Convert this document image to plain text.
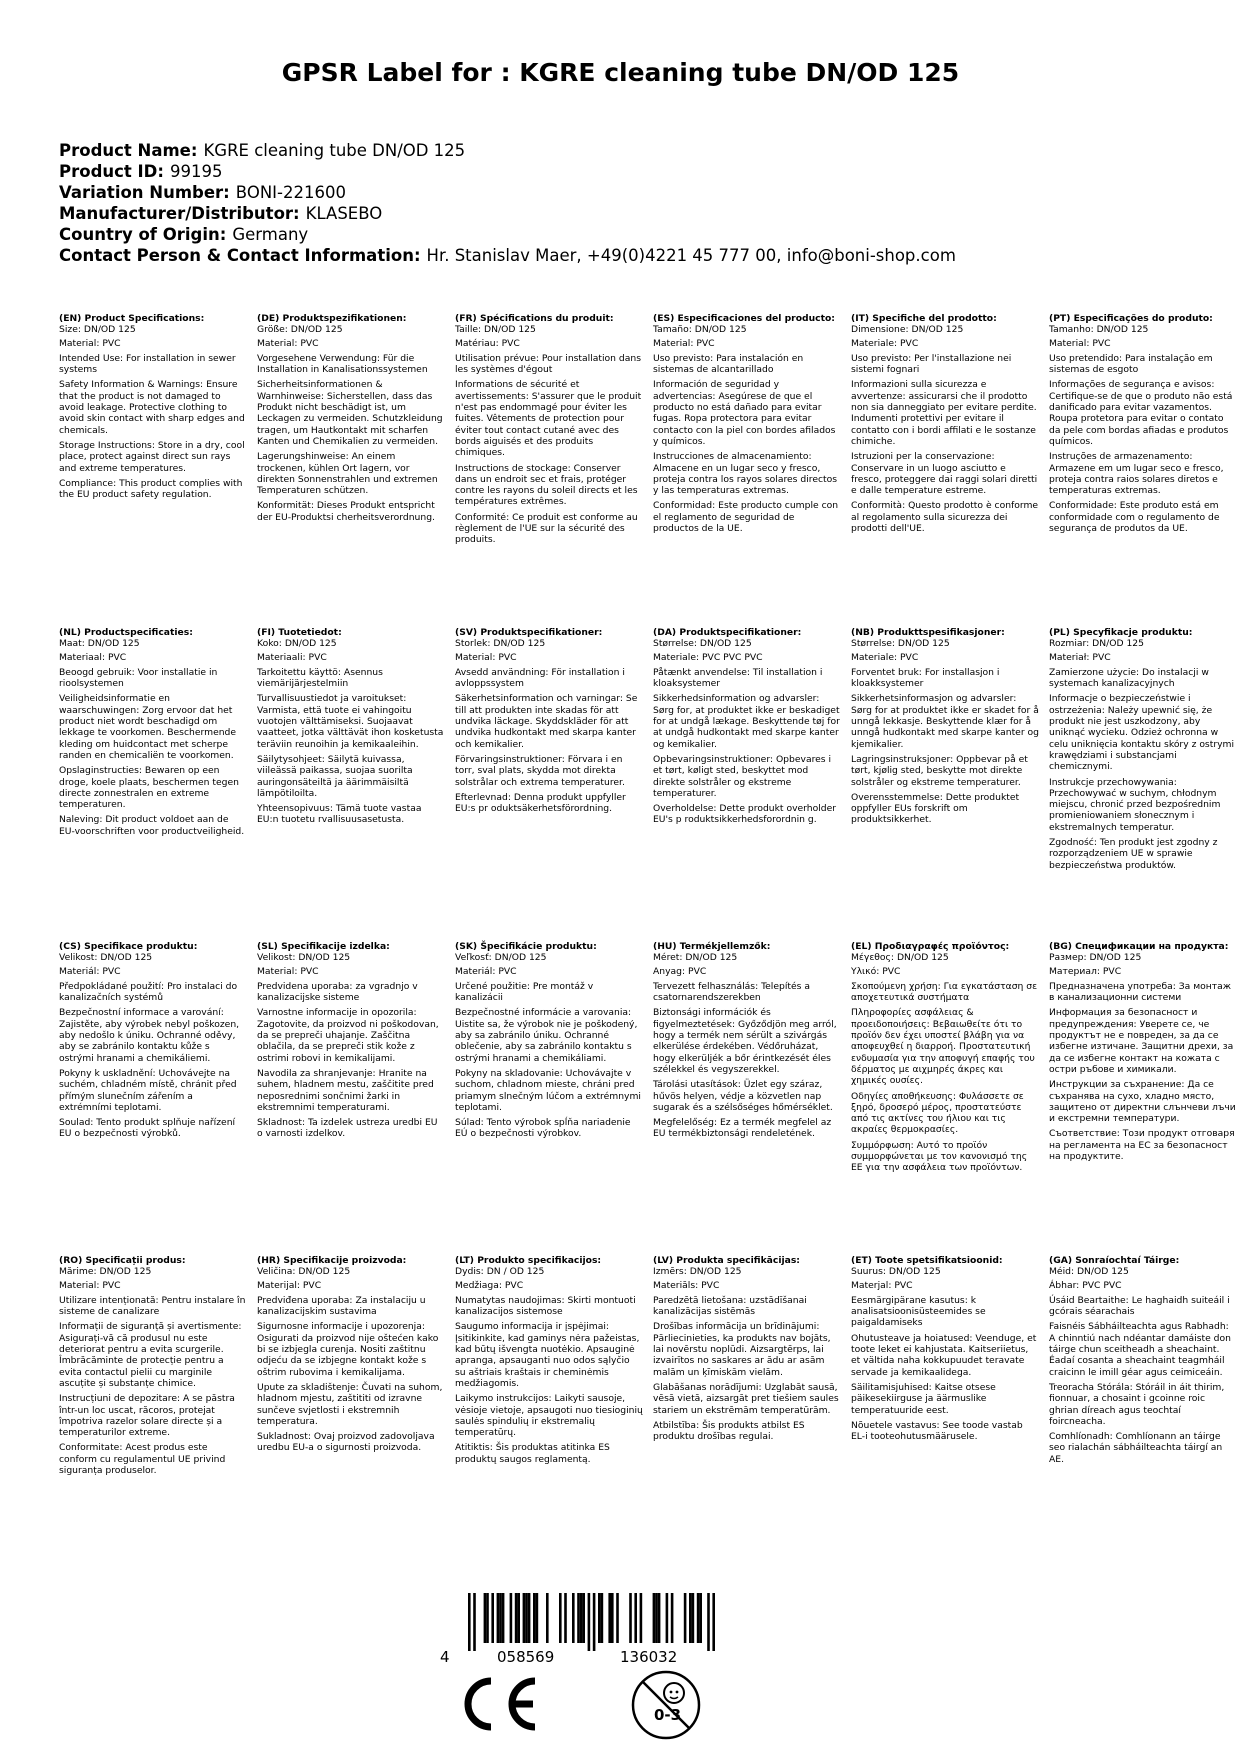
GPSR Label for : KGRE cleaning tube DN/OD 125
Product Name: KGRE cleaning tube DN/OD 125
Product ID: 99195
Variation Number: BONI-221600
Manufacturer/Distributor: KLASEBO
Country of Origin: Germany
Contact Person & Contact Information: Hr. Stanislav Maer, +49(0)4221 45 777 00, info@boni-shop.com
(EN) Product Specifications:
Size: DN/OD 125
Material: PVC
Intended Use: For installation in sewer systems
Safety Information & Warnings: Ensure that the product is not damaged to avoid leakage. Protective clothing to avoid skin contact with sharp edges and chemicals.
Storage Instructions: Store in a dry, cool place, protect against direct sun rays and extreme temperatures.
Compliance: This product complies with the EU product safety regulation.
(DE) Produktspezifikationen:
Größe: DN/OD 125
Material: PVC
Vorgesehene Verwendung: Für die Installation in Kanalisationssystemen
Sicherheitsinformationen & Warnhinweise: Sicherstellen, dass das Produkt nicht beschädigt ist, um Leckagen zu vermeiden. Schutzkleidung tragen, um Hautkontakt mit scharfen Kanten und Chemikalien zu vermeiden.
Lagerungshinweise: An einem trockenen, kühlen Ort lagern, vor direkten Sonnenstrahlen und extremen Temperaturen schützen.
Konformität: Dieses Produkt entspricht der EU-Produktsi cherheitsverordnung.
(FR) Spécifications du produit:
Taille: DN/OD 125
Matériau: PVC
Utilisation prévue: Pour installation dans les systèmes d'égout
Informations de sécurité et avertissements: S'assurer que le produit n'est pas endommagé pour éviter les fuites. Vêtements de protection pour éviter tout contact cutané avec des bords aiguisés et des produits chimiques.
Instructions de stockage: Conserver dans un endroit sec et frais, protéger contre les rayons du soleil directs et les températures extrêmes.
Conformité: Ce produit est conforme au règlement de l'UE sur la sécurité des produits.
(ES) Especificaciones del producto:
Tamaño: DN/OD 125
Material: PVC
Uso previsto: Para instalación en sistemas de alcantarillado
Información de seguridad y advertencias: Asegúrese de que el producto no está dañado para evitar fugas. Ropa protectora para evitar contacto con la piel con bordes afilados y químicos.
Instrucciones de almacenamiento: Almacene en un lugar seco y fresco, proteja contra los rayos solares directos y las temperaturas extremas.
Conformidad: Este producto cumple con el reglamento de seguridad de productos de la UE.
(IT) Specifiche del prodotto:
Dimensione: DN/OD 125
Materiale: PVC
Uso previsto: Per l'installazione nei sistemi fognari
Informazioni sulla sicurezza e avvertenze: assicurarsi che il prodotto non sia danneggiato per evitare perdite. Indumenti protettivi per evitare il contatto con i bordi affilati e le sostanze chimiche.
Istruzioni per la conservazione: Conservare in un luogo asciutto e fresco, proteggere dai raggi solari diretti e dalle temperature estreme.
Conformità: Questo prodotto è conforme al regolamento sulla sicurezza dei prodotti dell'UE.
(PT) Especificações do produto:
Tamanho: DN/OD 125
Material: PVC
Uso pretendido: Para instalação em sistemas de esgoto
Informações de segurança e avisos: Certifique-se de que o produto não está danificado para evitar vazamentos. Roupa protetora para evitar o contato da pele com bordas afiadas e produtos químicos.
Instruções de armazenamento: Armazene em um lugar seco e fresco, proteja contra raios solares diretos e temperaturas extremas.
Conformidade: Este produto está em conformidade com o regulamento de segurança de produtos da UE.
(NL) Productspecificaties:
Maat: DN/OD 125
Materiaal: PVC
Beoogd gebruik: Voor installatie in rioolsystemen
Veiligheidsinformatie en waarschuwingen: Zorg ervoor dat het product niet wordt beschadigd om lekkage te voorkomen. Beschermende kleding om huidcontact met scherpe randen en chemicaliën te voorkomen.
Opslaginstructies: Bewaren op een droge, koele plaats, beschermen tegen directe zonnestralen en extreme temperaturen.
Naleving: Dit product voldoet aan de EU-voorschriften voor productveiligheid.
(FI) Tuotetiedot:
Koko: DN/OD 125
Materiaali: PVC
Tarkoitettu käyttö: Asennus viemärijärjestelmiin
Turvallisuustiedot ja varoitukset: Varmista, että tuote ei vahingoitu vuotojen välttämiseksi. Suojaavat vaatteet, jotka välttävät ihon kosketusta teräviin reunoihin ja kemikaaleihin.
Säilytysohjeet: Säilytä kuivassa, viileässä paikassa, suojaa suorilta auringonsäteiltä ja äärimmäisiltä lämpötiloilta.
Yhteensopivuus: Tämä tuote vastaa EU:n tuotetu rvallisuusasetusta.
(SV) Produktspecifikationer:
Storlek: DN/OD 125
Material: PVC
Avsedd användning: För installation i avloppssystem
Säkerhetsinformation och varningar: Se till att produkten inte skadas för att undvika läckage. Skyddskläder för att undvika hudkontakt med skarpa kanter och kemikalier.
Förvaringsinstruktioner: Förvara i en torr, sval plats, skydda mot direkta solstrålar och extrema temperaturer.
Efterlevnad: Denna produkt uppfyller EU:s pr oduktsäkerhetsförordning.
(DA) Produktspecifikationer:
Størrelse: DN/OD 125
Materiale: PVC PVC PVC
Påtænkt anvendelse: Til installation i kloaksystemer
Sikkerhedsinformation og advarsler: Sørg for, at produktet ikke er beskadiget for at undgå lækage. Beskyttende tøj for at undgå hudkontakt med skarpe kanter og kemikalier.
Opbevaringsinstruktioner: Opbevares i et tørt, køligt sted, beskyttet mod direkte solstråler og ekstreme temperaturer.
Overholdelse: Dette produkt overholder EU's p roduktsikkerhedsforordnin g.
(NB) Produkttspesifikasjoner:
Størrelse: DN/OD 125
Materiale: PVC
Forventet bruk: For installasjon i kloakksystemer
Sikkerhetsinformasjon og advarsler: Sørg for at produktet ikke er skadet for å unngå lekkasje. Beskyttende klær for å unngå hudkontakt med skarpe kanter og kjemikalier.
Lagringsinstruksjoner: Oppbevar på et tørt, kjølig sted, beskytte mot direkte solstråler og ekstreme temperaturer.
Overensstemmelse: Dette produktet oppfyller EUs forskrift om produktsikkerhet.
(PL) Specyfikacje produktu:
Rozmiar: DN/OD 125
Materiał: PVC
Zamierzone użycie: Do instalacji w systemach kanalizacyjnych
Informacje o bezpieczeństwie i ostrzeżenia: Należy upewnić się, że produkt nie jest uszkodzony, aby uniknąć wycieku. Odzież ochronna w celu uniknięcia kontaktu skóry z ostrymi krawędziami i substancjami chemicznymi.
Instrukcje przechowywania: Przechowywać w suchym, chłodnym miejscu, chronić przed bezpośrednim promieniowaniem słonecznym i ekstremalnych temperatur.
Zgodność: Ten produkt jest zgodny z rozporządzeniem UE w sprawie bezpieczeństwa produktów.
(CS) Specifikace produktu:
Velikost: DN/OD 125
Materiál: PVC
Předpokládané použití: Pro instalaci do kanalizačních systémů
Bezpečnostní informace a varování: Zajistěte, aby výrobek nebyl poškozen, aby nedošlo k úniku. Ochranné oděvy, aby se zabránilo kontaktu kůže s ostrými hranami a chemikáliemi.
Pokyny k uskladnění: Uchovávejte na suchém, chladném místě, chránit před přímým slunečním zářením a extrémními teplotami.
Soulad: Tento produkt splňuje nařízení EU o bezpečnosti výrobků.
(SL) Specifikacije izdelka:
Velikost: DN/OD 125
Material: PVC
Predvidena uporaba: za vgradnjo v kanalizacijske sisteme
Varnostne informacije in opozorila: Zagotovite, da proizvod ni poškodovan, da se prepreči uhajanje. Zaščitna oblačila, da se prepreči stik kože z ostrimi robovi in kemikalijami.
Navodila za shranjevanje: Hranite na suhem, hladnem mestu, zaščitite pred neposrednimi sončnimi žarki in ekstremnimi temperaturami.
Skladnost: Ta izdelek ustreza uredbi EU o varnosti izdelkov.
(SK) Špecifikácie produktu:
Veľkosť: DN/OD 125
Materiál: PVC
Určené použitie: Pre montáž v kanalizácii
Bezpečnostné informácie a varovania: Uistite sa, že výrobok nie je poškodený, aby sa zabránilo úniku. Ochranné oblečenie, aby sa zabránilo kontaktu s ostrými hranami a chemikáliami.
Pokyny na skladovanie: Uchovávajte v suchom, chladnom mieste, chráni pred priamym slnečným lúčom a extrémnymi teplotami.
Súlad: Tento výrobok spĺňa nariadenie EÚ o bezpečnosti výrobkov.
(HU) Termékjellemzők:
Méret: DN/OD 125
Anyag: PVC
Tervezett felhasználás: Telepítés a csatornarendszerekben
Biztonsági információk és figyelmeztetések: Győződjön meg arról, hogy a termék nem sérült a szivárgás elkerülése érdekében. Védőruházat, hogy elkerüljék a bőr érintkezését éles szélekkel és vegyszerekkel.
Tárolási utasítások: Üzlet egy száraz, hűvös helyen, védje a közvetlen nap sugarak és a szélsőséges hőmérséklet.
Megfelelőség: Ez a termék megfelel az EU termékbiztonsági rendeletének.
(EL) Προδιαγραφές προϊόντος:
Μέγεθος: DN/OD 125
Υλικό: PVC
Σκοπούμενη χρήση: Για εγκατάσταση σε αποχετευτικά συστήματα
Πληροφορίες ασφάλειας & προειδοποιήσεις: Βεβαιωθείτε ότι το προϊόν δεν έχει υποστεί βλάβη για να αποφευχθεί η διαρροή. Προστατευτική ενδυμασία για την αποφυγή επαφής του δέρματος με αιχμηρές άκρες και χημικές ουσίες.
Οδηγίες αποθήκευσης: Φυλάσσετε σε ξηρό, δροσερό μέρος, προστατεύστε από τις ακτίνες του ήλιου και τις ακραίες θερμοκρασίες.
Συμμόρφωση: Αυτό το προϊόν συμμορφώνεται με τον κανονισμό της ΕΕ για την ασφάλεια των προϊόντων.
(BG) Спецификации на продукта:
Размер: DN/OD 125
Материал: PVC
Предназначена употреба: За монтаж в канализационни системи
Информация за безопасност и предупреждения: Уверете се, че продуктът не е повреден, за да се избегне изтичане. Защитни дрехи, за да се избегне контакт на кожата с остри ръбове и химикали.
Инструкции за съхранение: Да се съхранява на сухо, хладно място, защитено от директни слънчеви лъчи и екстремни температури.
Съответствие: Този продукт отговаря на регламента на ЕС за безопасност на продуктите.
(RO) Specificații produs:
Mărime: DN/OD 125
Material: PVC
Utilizare intenționată: Pentru instalare în sisteme de canalizare
Informații de siguranță și avertismente: Asigurați-vă că produsul nu este deteriorat pentru a evita scurgerile. Îmbrăcăminte de protecție pentru a evita contactul pielii cu marginile ascuțite și substanțe chimice.
Instrucțiuni de depozitare: A se păstra într-un loc uscat, răcoros, protejat împotriva razelor solare directe și a temperaturilor extreme.
Conformitate: Acest produs este conform cu regulamentul UE privind siguranța produselor.
(HR) Specifikacije proizvoda:
Veličina: DN/OD 125
Materijal: PVC
Predviđena uporaba: Za instalaciju u kanalizacijskim sustavima
Sigurnosne informacije i upozorenja: Osigurati da proizvod nije oštećen kako bi se izbjegla curenja. Nositi zaštitnu odjeću da se izbjegne kontakt kože s oštrim rubovima i kemikalijama.
Upute za skladištenje: Čuvati na suhom, hladnom mjestu, zaštititi od izravne sunčeve svjetlosti i ekstremnih temperatura.
Sukladnost: Ovaj proizvod zadovoljava uredbu EU-a o sigurnosti proizvoda.
(LT) Produkto specifikacijos:
Dydis: DN / OD 125
Medžiaga: PVC
Numatytas naudojimas: Skirti montuoti kanalizacijos sistemose
Saugumo informacija ir įspėjimai: Įsitikinkite, kad gaminys nėra pažeistas, kad būtų išvengta nuotėkio. Apsauginė apranga, apsauganti nuo odos sąlyčio su aštriais kraštais ir cheminėmis medžiagomis.
Laikymo instrukcijos: Laikyti sausoje, vėsioje vietoje, apsaugoti nuo tiesioginių saulės spindulių ir ekstremalių temperatūrų.
Atitiktis: Šis produktas atitinka ES produktų saugos reglamentą.
(LV) Produkta specifikācijas:
Izmērs: DN/OD 125
Materiāls: PVC
Paredzētā lietošana: uzstādīšanai kanalizācijas sistēmās
Drošības informācija un brīdinājumi: Pārliecinieties, ka produkts nav bojāts, lai novērstu noplūdi. Aizsargtērps, lai izvairītos no saskares ar ādu ar asām malām un ķīmiskām vielām.
Glabāšanas norādījumi: Uzglabāt sausā, vēsā vietā, aizsargāt pret tiešiem saules stariem un ekstrēmām temperatūrām.
Atbilstība: Šis produkts atbilst ES produktu drošības regulai.
(ET) Toote spetsifikatsioonid:
Suurus: DN/OD 125
Materjal: PVC
Eesmärgipärane kasutus: k analisatsioonisüsteemides se paigaldamiseks
Ohutusteave ja hoiatused: Veenduge, et toote leket ei kahjustata. Kaitseriietus, et vältida naha kokkupuudet teravate servade ja kemikaalidega.
Säilitamisjuhised: Kaitse otsese päikesekiirguse ja äärmuslike temperatuuride eest.
Nõuetele vastavus: See toode vastab EL-i tooteohutusmäärusele.
(GA) Sonraíochtaí Táirge:
Méid: DN/OD 125
Ábhar: PVC PVC
Úsáid Beartaithe: Le haghaidh suiteáil i gcórais séarachais
Faisnéis Sábháilteachta agus Rabhadh: A chinntiú nach ndéantar damáiste don táirge chun sceitheadh a sheachaint. Éadaí cosanta a sheachaint teagmháil craicinn le imill géar agus ceimiceáin.
Treoracha Stórála: Stóráil in áit thirim, fionnuar, a chosaint i gcoinne roic ghrian díreach agus teochtaí foircneacha.
Comhlíonadh: Comhlíonann an táirge seo rialachán sábháilteachta táirgí an AE.
4	058569	136032
0-3
